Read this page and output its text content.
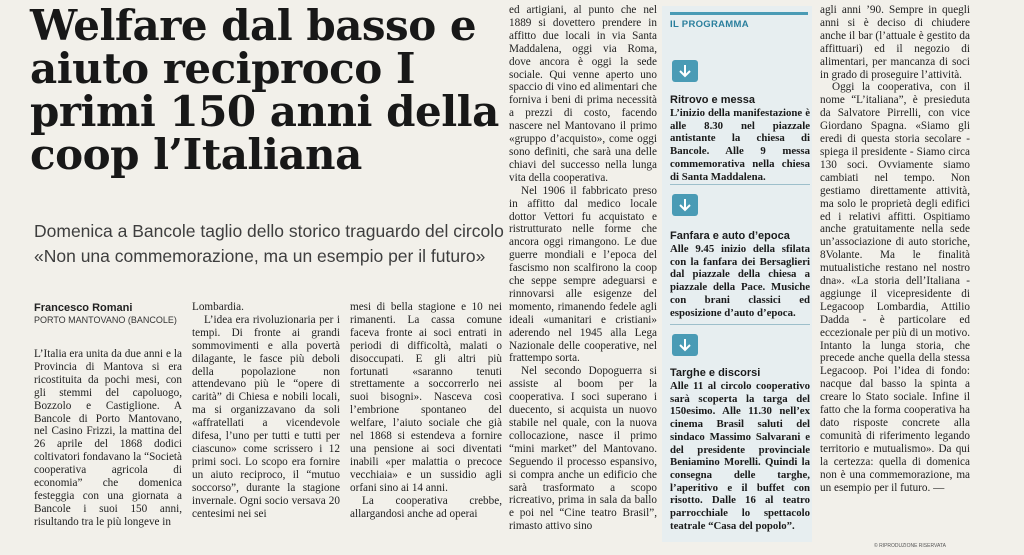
Welfare dal basso e aiuto reciproco I primi 150 anni della coop l’Italiana
Domenica a Bancole taglio dello storico traguardo del circolo «Non una commemorazione, ma un esempio per il futuro»
Francesco Romani
PORTO MANTOVANO (BANCOLE)

L’Italia era unita da due anni e la Provincia di Mantova si era ricostituita da pochi mesi, con gli stemmi del capoluogo, Bozzolo e Castiglione. A Bancole di Porto Mantovano, nel Casino Frizzi, la mattina del 26 aprile del 1868 dodici coltivatori fondavano la “Società cooperativa agricola di economia” che domenica festeggia con una giornata a Bancole i suoi 150 anni, risultando tra le più longeve in

Lombardia.

L’idea era rivoluzionaria per i tempi. Di fronte ai grandi sommovimenti e alla povertà dilagante, le fasce più deboli della popolazione non attendevano più le “opere di carità” di Chiesa e nobili locali, ma si organizzavano da soli «affratellati a vicendevole difesa, l’uno per tutti e tutti per ciascuno» come scrissero i 12 primi soci. Lo scopo era fornire un aiuto reciproco, il “mutuo soccorso”, durante la stagione invernale. Ogni socio versava 20 centesimi nei sei

mesi di bella stagione e 10 nei rimanenti. La cassa comune faceva fronte ai soci entrati in periodi di difficoltà, malati o disoccupati. E gli altri più fortunati «saranno tenuti strettamente a soccorrerlo nei suoi bisogni». Nasceva così l’embrione spontaneo del welfare, l’aiuto sociale che già nel 1868 si estendeva a fornire una pensione ai soci diventati inabili «per malattia o precoce vecchiaia» e un sussidio agli orfani sino ai 14 anni.

La cooperativa crebbe, allargandosi anche ad operai

ed artigiani, al punto che nel 1889 si dovettero prendere in affitto due locali in via Santa Maddalena, oggi via Roma, dove ancora è oggi la sede sociale. Qui venne aperto uno spaccio di vino ed alimentari che forniva i beni di prima necessità a prezzi di costo, facendo nascere nel Mantovano il primo «gruppo d’acquisto», come oggi sono definiti, che sarà una delle chiavi del successo nella lunga vita della cooperativa.

Nel 1906 il fabbricato preso in affitto dal medico locale dottor Vettori fu acquistato e ristrutturato nelle forme che ancora oggi rimangono. Le due guerre mondiali e l’epoca del fascismo non scalfirono la coop che seppe sempre adeguarsi e rinnovarsi alle esigenze del momento, rimanendo fedele agli ideali «umanitari e cristiani» aderendo nel 1945 alla Lega Nazionale delle cooperative, nel frattempo sorta.

Nel secondo Dopoguerra si assiste al boom per la cooperativa. I soci superano i duecento, si acquista un nuovo stabile nel quale, con la nuova collocazione, nasce il primo “mini market” del Mantovano. Seguendo il processo espansivo, si compra anche un edificio che sarà trasformato a scopo ricreativo, prima in sala da ballo e poi nel “Cine teatro Brasil”, rimasto attivo sino

IL PROGRAMMA
Ritrovo e messa
L’inizio della manifestazione è alle 8.30 nel piazzale antistante la chiesa di Bancole. Alle 9 messa commemorativa nella chiesa di Santa Maddalena.
Fanfara e auto d’epoca
Alle 9.45 inizio della sfilata con la fanfara dei Bersaglieri dal piazzale della chiesa a piazzale della Pace. Musiche con brani classici ed esposizione d’auto d’epoca.
Targhe e discorsi
Alle 11 al circolo cooperativo sarà scoperta la targa del 150esimo. Alle 11.30 nell’ex cinema Brasil saluti del sindaco Massimo Salvarani e del presidente provinciale Beniamino Morelli. Quindi la consegna delle targhe, l’aperitivo e il buffet con risotto. Dalle 16 al teatro parrocchiale lo spettacolo teatrale “Casa del popolo”.

agli anni ’90. Sempre in quegli anni si è deciso di chiudere anche il bar (l’attuale è gestito da affittuari) ed il negozio di alimentari, per mancanza di soci in grado di proseguire l’attività.

Oggi la cooperativa, con il nome “L’italiana”, è presieduta da Salvatore Pirrelli, con vice Giordano Spagna. «Siamo gli eredi di questa storia secolare - spiega il presidente - Siamo circa 130 soci. Ovviamente siamo cambiati nel tempo. Non gestiamo direttamente attività, ma solo le proprietà degli edifici ed i relativi affitti. Ospitiamo anche gratuitamente nella sede un’associazione di auto storiche, 8Volante. Ma le finalità mutualistiche restano nel nostro dna». «La storia dell’Italiana - aggiunge il vicepresidente di Legacoop Lombardia, Attilio Dadda - è particolare ed eccezionale per più di un motivo. Intanto la lunga storia, che precede anche quella della stessa Legacoop. Poi l’idea di fondo: nacque dal basso la spinta a creare lo Stato sociale. Infine il fatto che la forma cooperativa ha dato risposte concrete alla comunità di riferimento legando territorio e mutualismo». Da qui la certezza: quella di domenica non è una commemorazione, ma un esempio per il futuro. —

© RIPRODUZIONE RISERVATA
